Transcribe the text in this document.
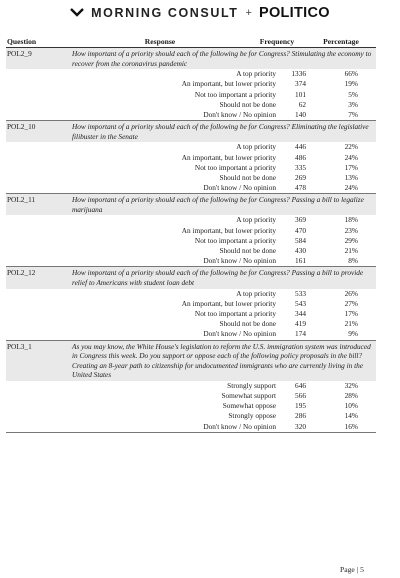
MORNING CONSULT + POLITICO
Question	Response	Frequency	Percentage
POL2_9	How important of a priority should each of the following be for Congress? Stimulating the economy to recover from the coronavirus pandemic
A top priority	1336	66%
An important, but lower priority	374	19%
Not too important a priority	101	5%
Should not be done	62	3%
Don't know / No opinion	140	7%
POL2_10	How important of a priority should each of the following be for Congress? Eliminating the legislative filibuster in the Senate
A top priority	446	22%
An important, but lower priority	486	24%
Not too important a priority	335	17%
Should not be done	269	13%
Don't know / No opinion	478	24%
POL2_11	How important of a priority should each of the following be for Congress? Passing a bill to legalize marijuana
A top priority	369	18%
An important, but lower priority	470	23%
Not too important a priority	584	29%
Should not be done	430	21%
Don't know / No opinion	161	8%
POL2_12	How important of a priority should each of the following be for Congress? Passing a bill to provide relief to Americans with student loan debt
A top priority	533	26%
An important, but lower priority	543	27%
Not too important a priority	344	17%
Should not be done	419	21%
Don't know / No opinion	174	9%
POL3_1	As you may know, the White House's legislation to reform the U.S. immigration system was introduced in Congress this week. Do you support or oppose each of the following policy proposals in the bill? Creating an 8-year path to citizenship for undocumented immigrants who are currently living in the United States
Strongly support	646	32%
Somewhat support	566	28%
Somewhat oppose	195	10%
Strongly oppose	286	14%
Don't know / No opinion	320	16%
Page | 5
